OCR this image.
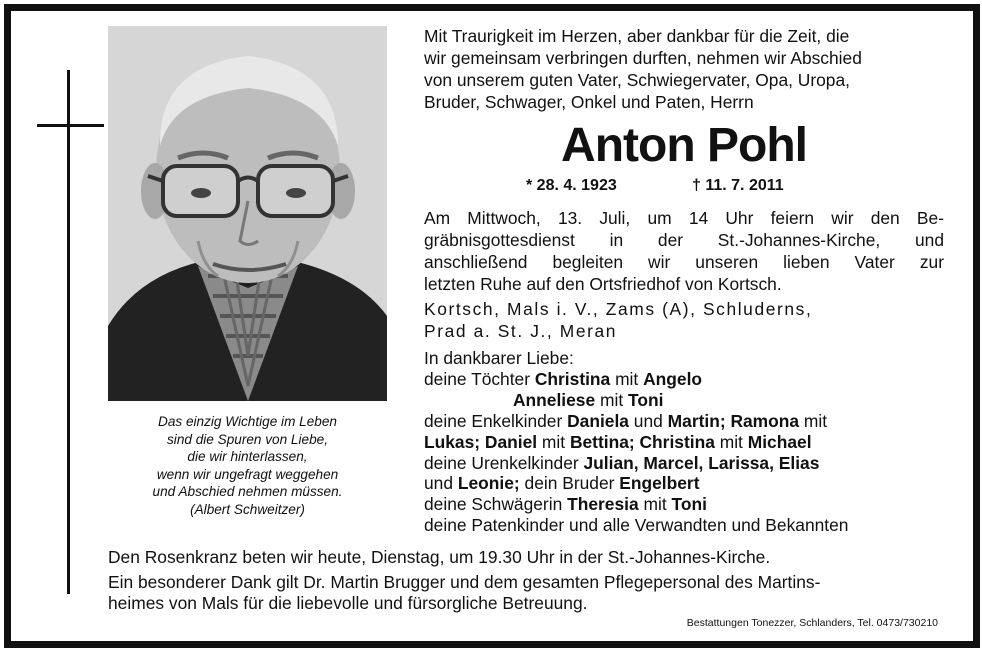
Das einzig Wichtige im Leben
sind die Spuren von Liebe,
die wir hinterlassen,
wenn wir ungefragt weggehen
und Abschied nehmen müssen.
(Albert Schweitzer)
Mit Traurigkeit im Herzen, aber dankbar für die Zeit, die
wir gemeinsam verbringen durften, nehmen wir Abschied
von unserem guten Vater, Schwiegervater, Opa, Uropa,
Bruder, Schwager, Onkel und Paten, Herrn
Anton Pohl
* 28. 4. 1923	† 11. 7. 2011
Am Mittwoch, 13. Juli, um 14 Uhr feiern wir den Be-
gräbnisgottesdienst in der St.-Johannes-Kirche, und
anschließend begleiten wir unseren lieben Vater zur
letzten Ruhe auf den Ortsfriedhof von Kortsch.
Kortsch, Mals i. V., Zams (A), Schluderns,
Prad a. St. J., Meran
In dankbarer Liebe:
deine Töchter Christina mit Angelo
Anneliese mit Toni
deine Enkelkinder Daniela und Martin; Ramona mit
Lukas; Daniel mit Bettina; Christina mit Michael
deine Urenkelkinder Julian, Marcel, Larissa, Elias
und Leonie; dein Bruder Engelbert
deine Schwägerin Theresia mit Toni
deine Patenkinder und alle Verwandten und Bekannten
Den Rosenkranz beten wir heute, Dienstag, um 19.30 Uhr in der St.-Johannes-Kirche.
Ein besonderer Dank gilt Dr. Martin Brugger und dem gesamten Pflegepersonal des Martins-
heimes von Mals für die liebevolle und fürsorgliche Betreuung.
Bestattungen Tonezzer, Schlanders, Tel. 0473/730210
